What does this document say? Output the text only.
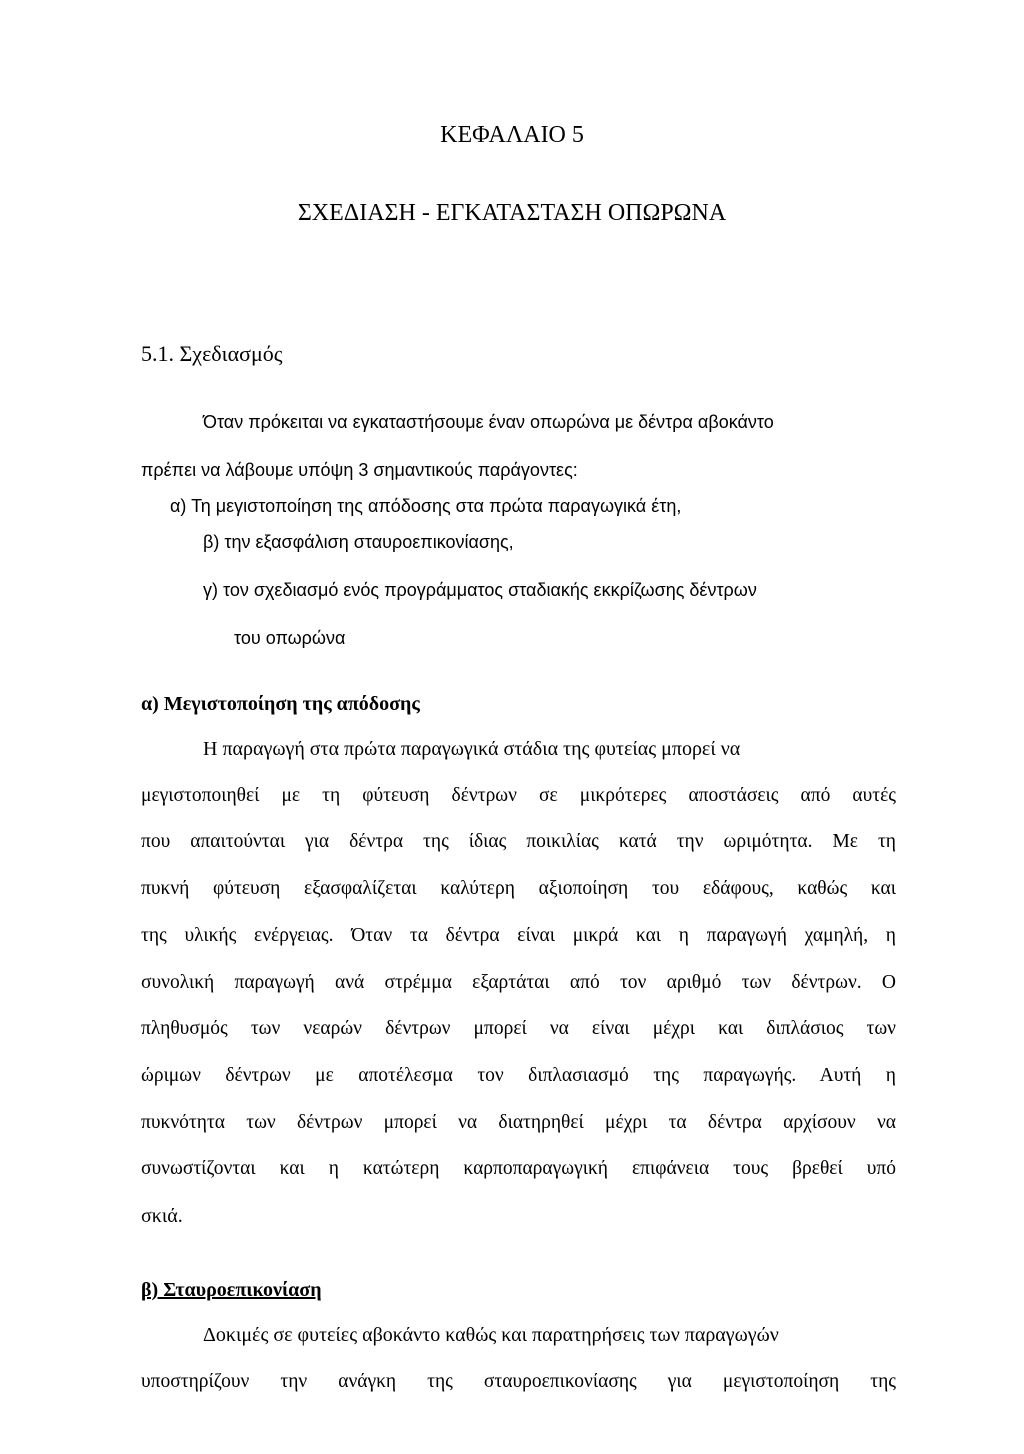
ΚΕΦΑΛΑΙΟ 5
ΣΧΕΔΙΑΣΗ - ΕΓΚΑΤΑΣΤΑΣΗ ΟΠΩΡΩΝΑ
5.1. Σχεδιασμός
Όταν πρόκειται να εγκαταστήσουμε έναν οπωρώνα με δέντρα αβοκάντο
πρέπει να λάβουμε υπόψη 3 σημαντικούς παράγοντες:
α) Τη μεγιστοποίηση της απόδοσης στα πρώτα παραγωγικά έτη,
β) την εξασφάλιση σταυροεπικονίασης,
γ) τον σχεδιασμό ενός προγράμματος σταδιακής εκκρίζωσης δέντρων
του οπωρώνα
α) Μεγιστοποίηση της απόδοσης
Η παραγωγή στα πρώτα παραγωγικά στάδια της φυτείας μπορεί να
μεγιστοποιηθεί με τη φύτευση δέντρων σε μικρότερες αποστάσεις από αυτές
που απαιτούνται για δέντρα της ίδιας ποικιλίας κατά την ωριμότητα. Με τη
πυκνή φύτευση εξασφαλίζεται καλύτερη αξιοποίηση του εδάφους, καθώς και
της υλικής ενέργειας. Όταν τα δέντρα είναι μικρά και η παραγωγή χαμηλή, η
συνολική παραγωγή ανά στρέμμα εξαρτάται από τον αριθμό των δέντρων. Ο
πληθυσμός των νεαρών δέντρων μπορεί να είναι μέχρι και διπλάσιος των
ώριμων δέντρων με αποτέλεσμα τον διπλασιασμό της παραγωγής. Αυτή η
πυκνότητα των δέντρων μπορεί να διατηρηθεί μέχρι τα δέντρα αρχίσουν να
συνωστίζονται και η κατώτερη καρποπαραγωγική επιφάνεια τους βρεθεί υπό
σκιά.
β) Σταυροεπικονίαση
Δοκιμές σε φυτείες αβοκάντο καθώς και παρατηρήσεις των παραγωγών
υποστηρίζουν την ανάγκη της σταυροεπικονίασης για μεγιστοποίηση της
